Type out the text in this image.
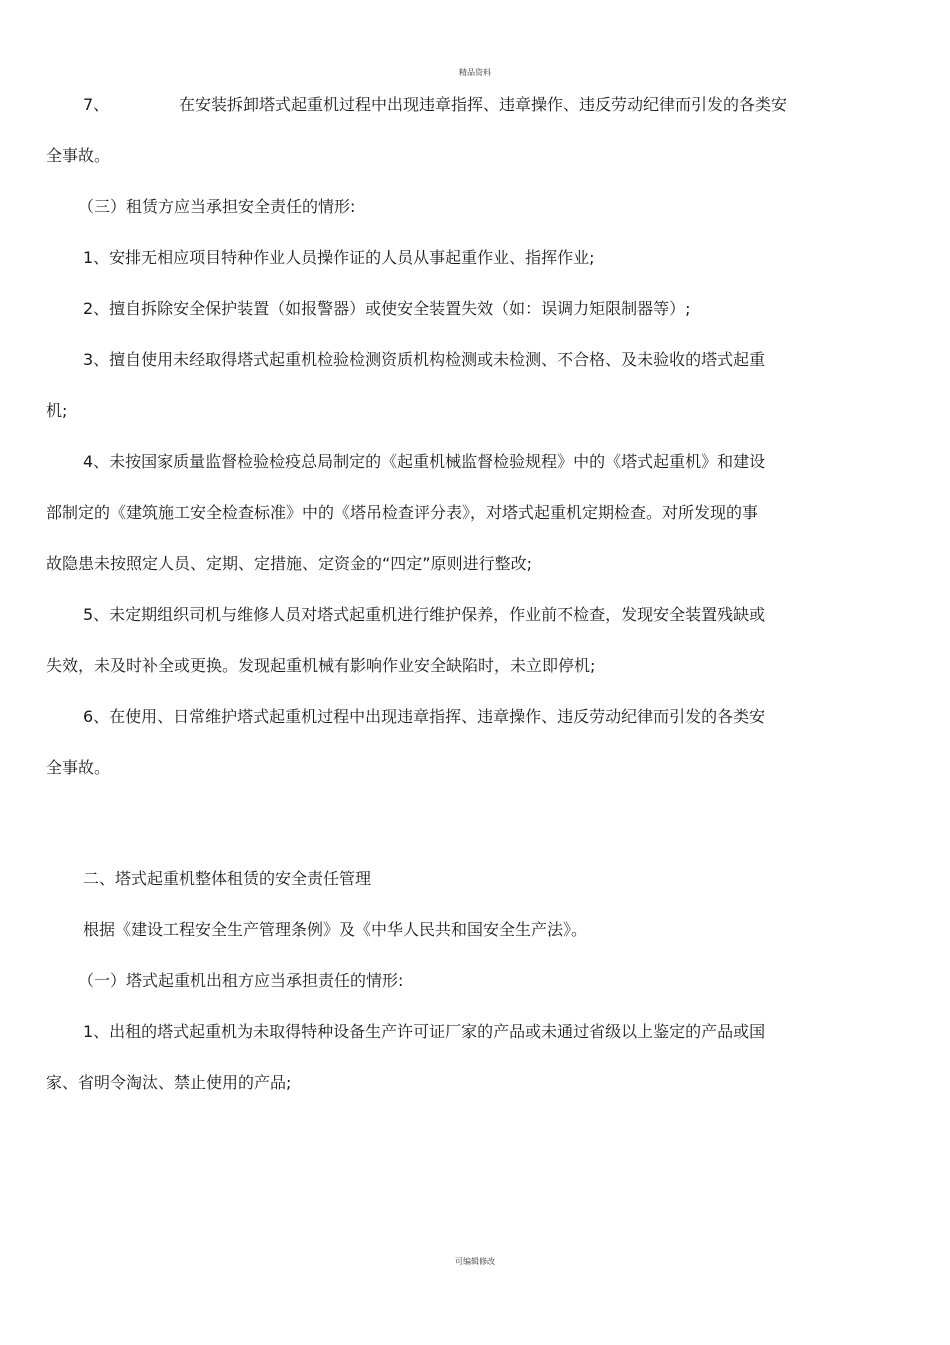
精品资料

7、	在安装拆卸塔式起重机过程中出现违章指挥、违章操作、违反劳动纪律而引发的各类安
全事故。

（三）租赁方应当承担安全责任的情形:

1、安排无相应项目特种作业人员操作证的人员从事起重作业、指挥作业;

2、擅自拆除安全保护装置（如报警器）或使安全装置失效（如：误调力矩限制器等）;

3、擅自使用未经取得塔式起重机检验检测资质机构检测或未检测、不合格、及未验收的塔式起重
机;

4、未按国家质量监督检验检疫总局制定的《起重机械监督检验规程》中的《塔式起重机》和建设
部制定的《建筑施工安全检查标准》中的《塔吊检查评分表》，对塔式起重机定期检查。对所发现的事
故隐患未按照定人员、定期、定措施、定资金的“四定”原则进行整改;

5、未定期组织司机与维修人员对塔式起重机进行维护保养，作业前不检查，发现安全装置残缺或
失效，未及时补全或更换。发现起重机械有影响作业安全缺陷时，未立即停机;

6、在使用、日常维护塔式起重机过程中出现违章指挥、违章操作、违反劳动纪律而引发的各类安
全事故。

二、塔式起重机整体租赁的安全责任管理

根据《建设工程安全生产管理条例》及《中华人民共和国安全生产法》。

（一）塔式起重机出租方应当承担责任的情形:

1、出租的塔式起重机为未取得特种设备生产许可证厂家的产品或未通过省级以上鉴定的产品或国
家、省明令淘汰、禁止使用的产品;

可编辑修改
